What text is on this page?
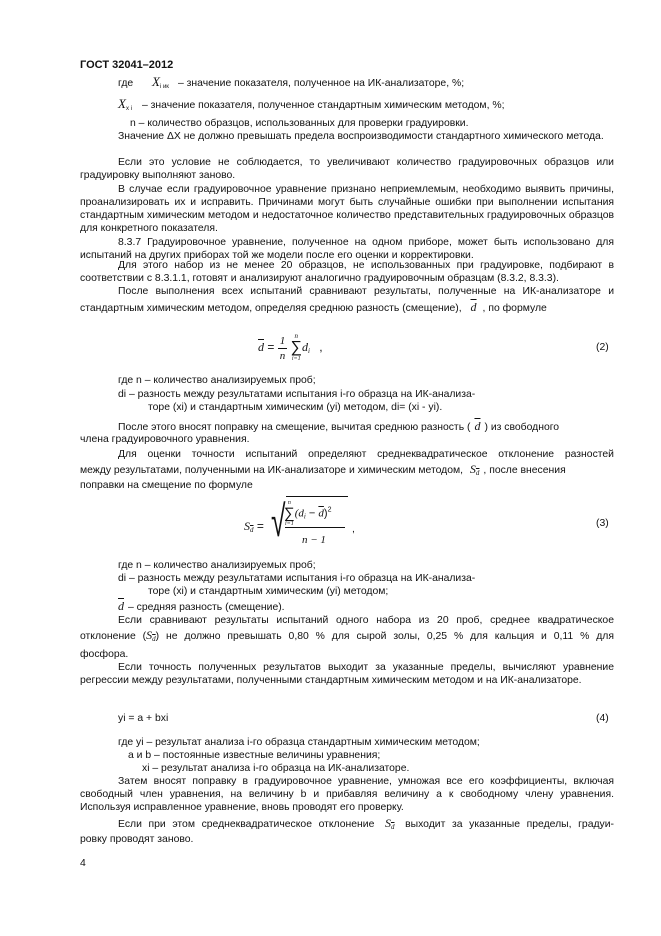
ГОСТ 32041–2012
где $X_{i ик}$ – значение показателя, полученное на ИК-анализаторе, %;
$X_{x i}$ – значение показателя, полученное стандартным химическим методом, %;
n – количество образцов, использованных для проверки градуировки.
Значение ΔX не должно превышать предела воспроизводимости стандартного химического метода.
Если это условие не соблюдается, то увеличивают количество градуировочных образцов или градуировку выполняют заново.
В случае если градуировочное уравнение признано неприемлемым, необходимо выявить причины, проанализировать их и исправить. Причинами могут быть случайные ошибки при выполнении испытания стандартным химическим методом и недостаточное количество представительных градуировочных образцов для конкретного показателя.
8.3.7 Градуировочное уравнение, полученное на одном приборе, может быть использовано для испытаний на других приборах той же модели после его оценки и корректировки.
Для этого набор из не менее 20 образцов, не использованных при градуировке, подбирают в соответствии с 8.3.1.1, готовят и анализируют аналогично градуировочным образцам (8.3.2, 8.3.3).
После выполнения всех испытаний сравнивают результаты, полученные на ИК-анализаторе и
стандартным химическим методом, определяя среднюю разность (смещение), $\overline{d}$ , по формуле
$\overline{d} = \frac{1}{n}$
	n
∑
i=1
$d_i$ ,	(2)
где n – количество анализируемых проб;
di – разность между результатами испытания i-го образца на ИК-анализа-
торе (xi) и стандартным химическим (yi) методом, di= (xi - yi).
После этого вносят поправку на смещение, вычитая среднюю разность ( $\overline{d}$ ) из свободного
члена градуировочного уравнения.
Для оценки точности испытаний определяют среднеквадратическое отклонение разностей
между результатами, полученными на ИК-анализаторе и химическим методом, $S_{\overline{d}}$ , после внесения
поправки на смещение по формуле
$S_{\overline{d}}$ = √ n
∑
i=1
$(d_i - \overline{d})^2$
n − 1
,
(3)
где n – количество анализируемых проб;
di – разность между результатами испытания i-го образца на ИК-анализа-
торе (xi) и стандартным химическим (yi) методом;
$\overline{d}$ – средняя разность (смещение).
Если сравнивают результаты испытаний одного набора из 20 проб, среднее квадратическое
отклонение $(S_{\overline{d}})$ не должно превышать 0,80 % для сырой золы, 0,25 % для кальция и 0,11 % для
фосфора.
Если точность полученных результатов выходит за указанные пределы, вычисляют уравнение регрессии между результатами, полученными стандартным химическим методом и на ИК-анализаторе.
yi = a + bxi	(4)
где yi – результат анализа i-го образца стандартным химическим методом;
a и b – постоянные известные величины уравнения;
xi – результат анализа i-го образца на ИК-анализаторе.
Затем вносят поправку в градуировочное уравнение, умножая все его коэффициенты, включая свободный член уравнения, на величину b и прибавляя величину a к свободному члену уравнения. Используя исправленное уравнение, вновь проводят его проверку.
Если при этом среднеквадратическое отклонение $S_{\overline{d}}$ выходит за указанные пределы, градуи-
ровку проводят заново.
4
